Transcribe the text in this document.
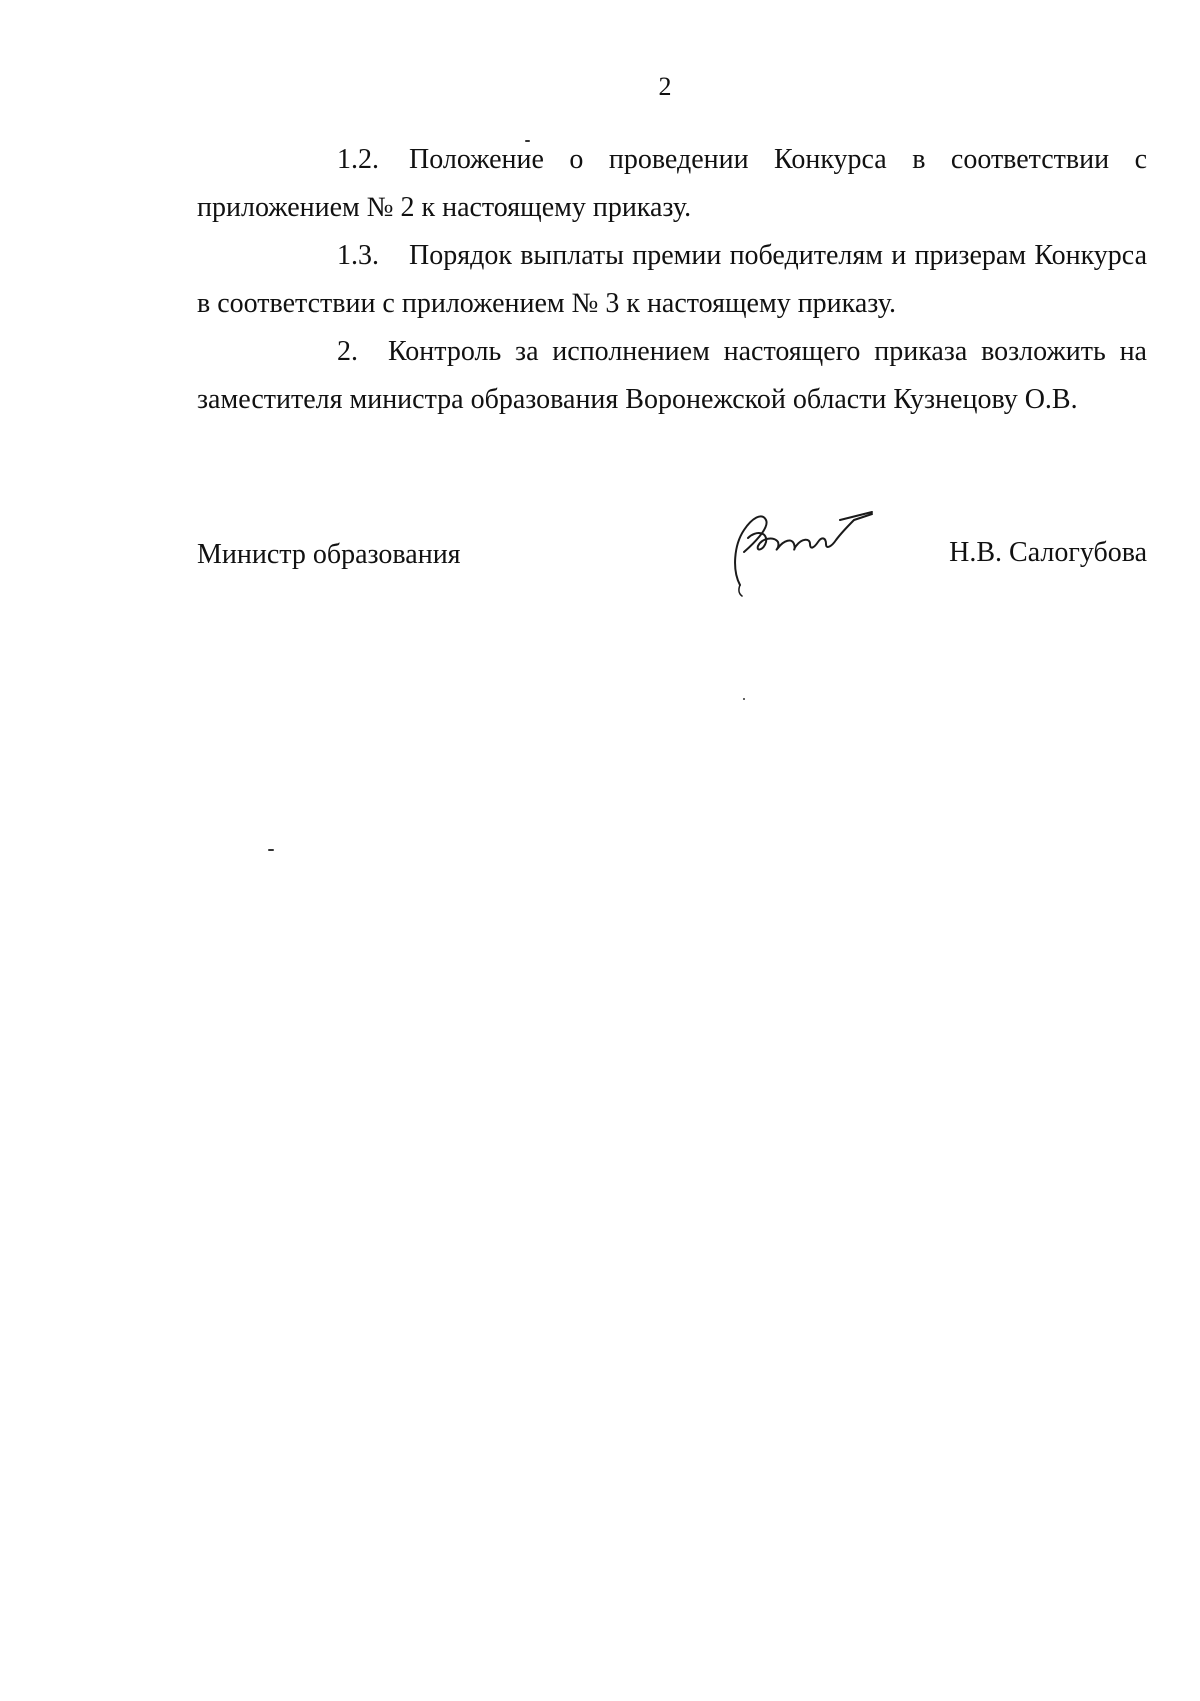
2

1.2. Положение о проведении Конкурса в соответствии с приложением № 2 к настоящему приказу.

1.3. Порядок выплаты премии победителям и призерам Конкурса в соответствии с приложением № 3 к настоящему приказу.

2. Контроль за исполнением настоящего приказа возложить на заместителя министра образования Воронежской области Кузнецову О.В.

Министр образования	Н.В. Салогубова
